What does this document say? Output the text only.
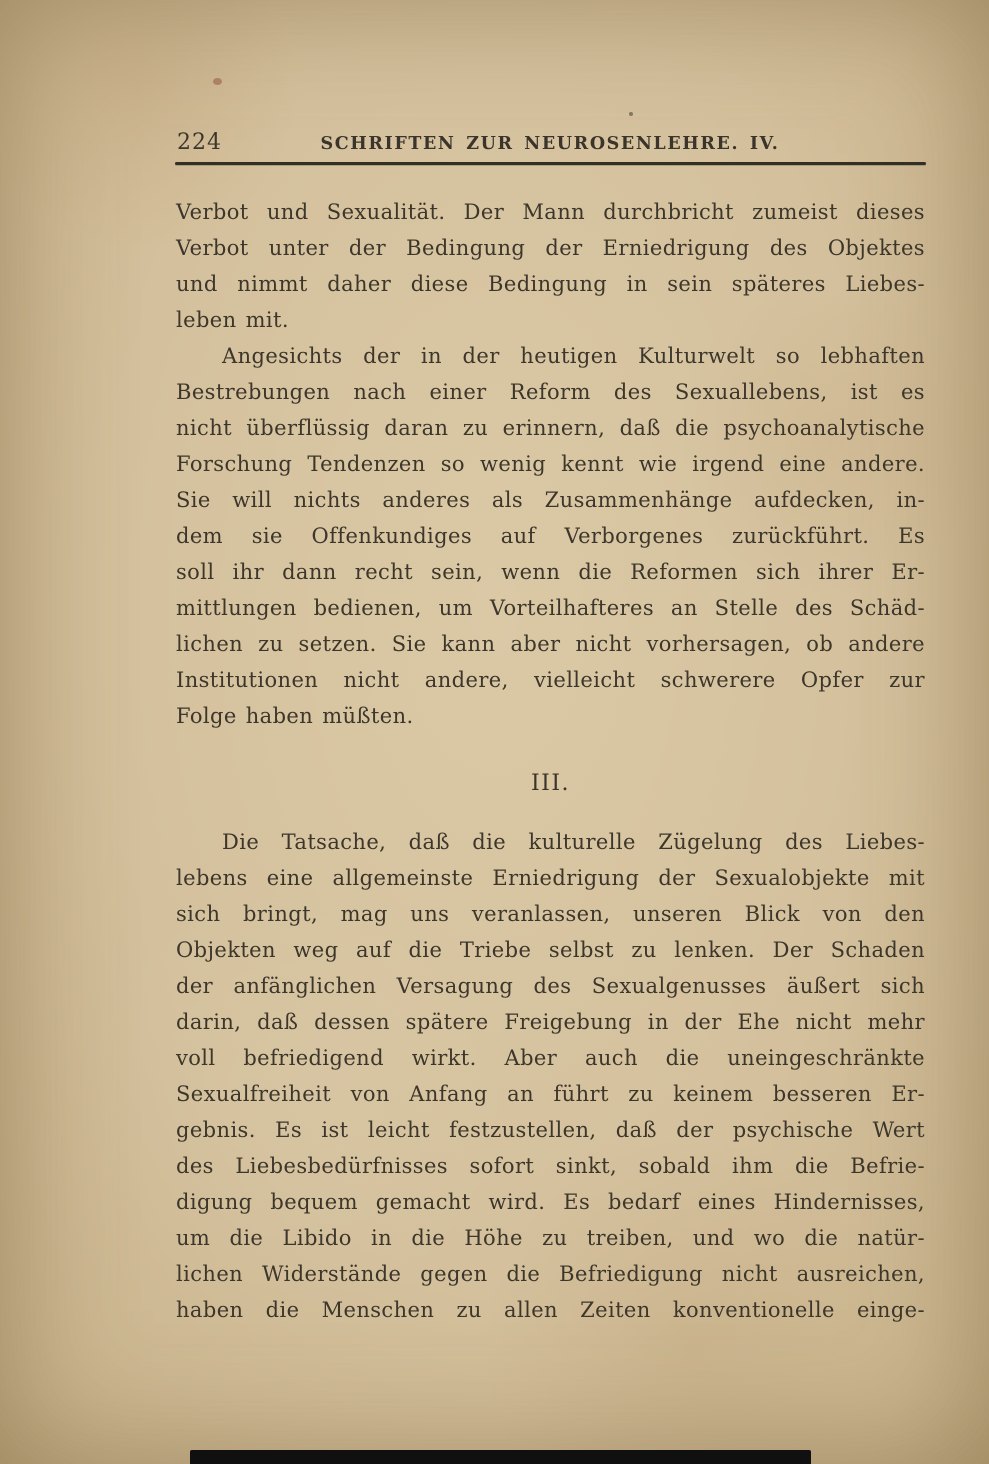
224	SCHRIFTEN ZUR NEUROSENLEHRE. IV.
Verbot und Sexualität. Der Mann durchbricht zumeist dieses
Verbot unter der Bedingung der Erniedrigung des Objektes
und nimmt daher diese Bedingung in sein späteres Liebes-
leben mit.
Angesichts der in der heutigen Kulturwelt so lebhaften
Bestrebungen nach einer Reform des Sexuallebens, ist es
nicht überflüssig daran zu erinnern, daß die psychoanalytische
Forschung Tendenzen so wenig kennt wie irgend eine andere.
Sie will nichts anderes als Zusammenhänge aufdecken, in-
dem sie Offenkundiges auf Verborgenes zurückführt. Es
soll ihr dann recht sein, wenn die Reformen sich ihrer Er-
mittlungen bedienen, um Vorteilhafteres an Stelle des Schäd-
lichen zu setzen. Sie kann aber nicht vorhersagen, ob andere
Institutionen nicht andere, vielleicht schwerere Opfer zur
Folge haben müßten.
III.
Die Tatsache, daß die kulturelle Zügelung des Liebes-
lebens eine allgemeinste Erniedrigung der Sexualobjekte mit
sich bringt, mag uns veranlassen, unseren Blick von den
Objekten weg auf die Triebe selbst zu lenken. Der Schaden
der anfänglichen Versagung des Sexualgenusses äußert sich
darin, daß dessen spätere Freigebung in der Ehe nicht mehr
voll befriedigend wirkt. Aber auch die uneingeschränkte
Sexualfreiheit von Anfang an führt zu keinem besseren Er-
gebnis. Es ist leicht festzustellen, daß der psychische Wert
des Liebesbedürfnisses sofort sinkt, sobald ihm die Befrie-
digung bequem gemacht wird. Es bedarf eines Hindernisses,
um die Libido in die Höhe zu treiben, und wo die natür-
lichen Widerstände gegen die Befriedigung nicht ausreichen,
haben die Menschen zu allen Zeiten konventionelle einge-
